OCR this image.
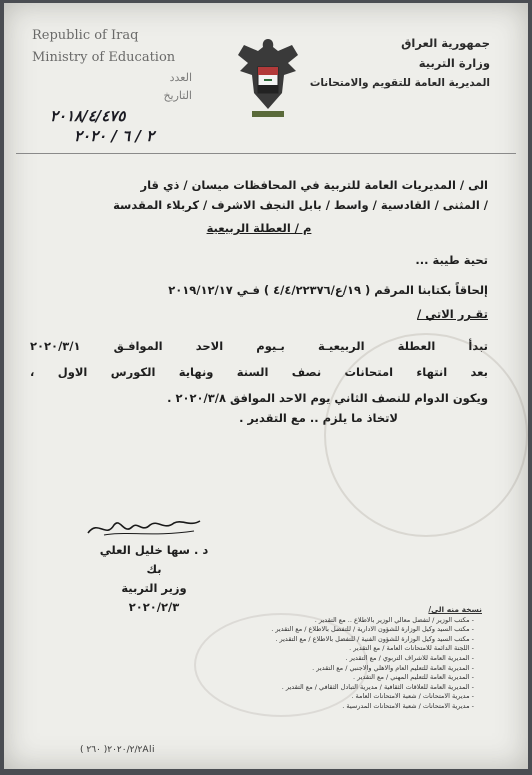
Republic of Iraq
Ministry of Education
العدد
التاريخ
٢٠١٨/٤/٤٧٥
٢ / ٦ / ٢٠٢٠
جمهورية العراق
وزارة التربية
المديرية العامة للتقويم والامتحانات

الى / المديريات العامة للتربية في المحافظات ميسان / ذي قار

/ المثنى / القادسية / واسط / بابل النجف الاشرف / كربلاء المقدسة

م / العطلة الربيعية

تحية طيبة ...

إلحاقاً بكتابنا المرقم ( ١٩/ع/٤/٤/٢٢٣٧٦ ) فـي ٢٠١٩/١٢/١٧

تقـرر الاتي /

تبدأ العطلة الربيعيـة بـيوم الاحد الموافـق ٢٠٢٠/٣/١

بعد انتهاء امتحانات نصف السنة ونهاية الكورس الاول ،

ويكون الدوام للنصف الثاني يوم الاحد الموافق ٢٠٢٠/٣/٨ .

لاتخاذ ما يلزم .. مع التقدير .

د . سها خليل العلي بك
وزير التربية
٢٠٢٠/٢/٣	نسخة منه الى/
- مكتب الوزير / لتفضل معالي الوزير بالاطلاع .. مع التقدير .
- مكتب السيد وكيل الوزارة للشؤون الادارية / للتفضل بالاطلاع / مع التقدير .
- مكتب السيد وكيل الوزارة للشؤون الفنية / للتفضل بالاطلاع / مع التقدير .
- اللجنة الدائمة للامتحانات العامة / مع التقدير .
- المديرية العامة للاشراف التربوي / مع التقدير .
- المديرية العامة للتعليم العام والاهلي والاجنبي / مع التقدير .
- المديرية العامة للتعليم المهني / مع التقدير .
- المديرية العامة للعلاقات الثقافية / مديرية التبادل الثقافي / مع التقدير .
- مديرية الامتحانات / شعبة الامتحانات العامة .
- مديرية الامتحانات / شعبة الامتحانات المدرسية .
( ٢٦٠ )٢٠٢٠/٢/٢Ali
